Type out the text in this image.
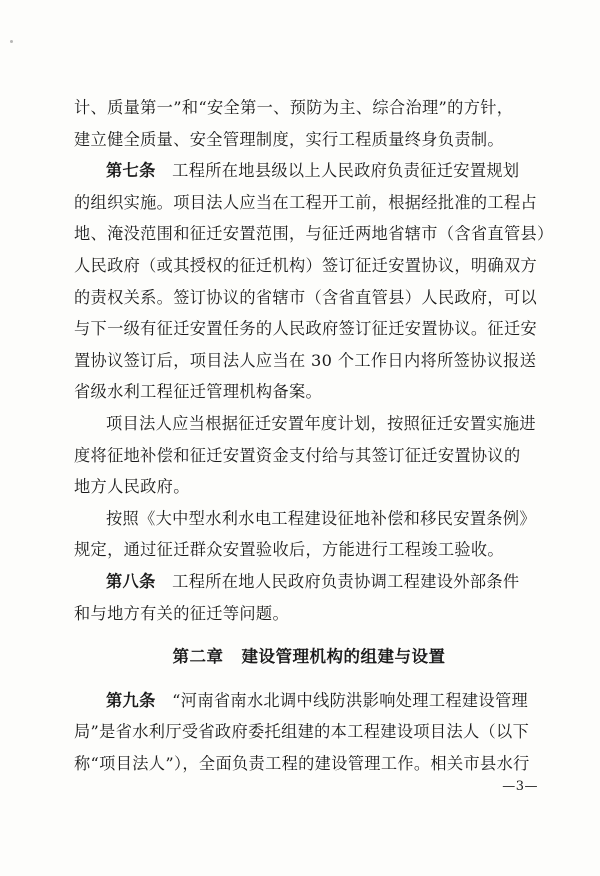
计、质量第一”和“安全第一、预防为主、综合治理”的方针，
建立健全质量、安全管理制度，实行工程质量终身负责制。
第七条　工程所在地县级以上人民政府负责征迁安置规划
的组织实施。项目法人应当在工程开工前，根据经批准的工程占
地、淹没范围和征迁安置范围，与征迁两地省辖市（含省直管县）
人民政府（或其授权的征迁机构）签订征迁安置协议，明确双方
的责权关系。签订协议的省辖市（含省直管县）人民政府，可以
与下一级有征迁安置任务的人民政府签订征迁安置协议。征迁安
置协议签订后，项目法人应当在 30 个工作日内将所签协议报送
省级水利工程征迁管理机构备案。
项目法人应当根据征迁安置年度计划，按照征迁安置实施进
度将征地补偿和征迁安置资金支付给与其签订征迁安置协议的
地方人民政府。
按照《大中型水利水电工程建设征地补偿和移民安置条例》
规定，通过征迁群众安置验收后，方能进行工程竣工验收。
第八条　工程所在地人民政府负责协调工程建设外部条件
和与地方有关的征迁等问题。
第二章 建设管理机构的组建与设置
第九条　“河南省南水北调中线防洪影响处理工程建设管理
局”是省水利厅受省政府委托组建的本工程建设项目法人（以下
称“项目法人”），全面负责工程的建设管理工作。相关市县水行
—3—
